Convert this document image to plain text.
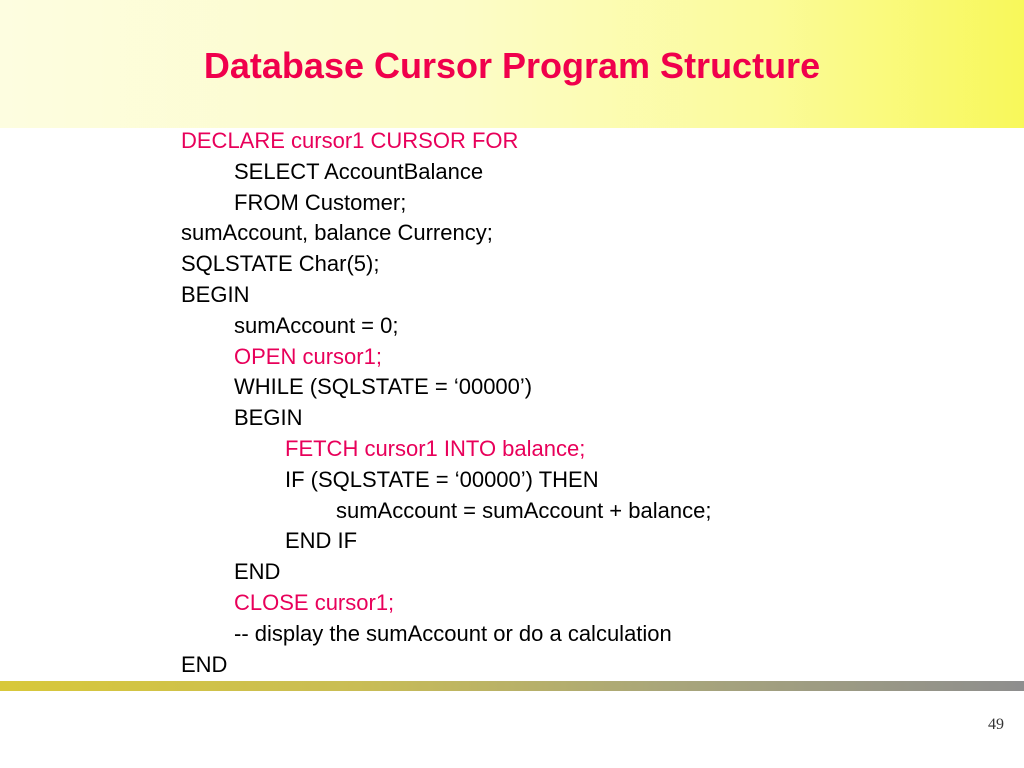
Database Cursor Program Structure
DECLARE cursor1 CURSOR FOR
SELECT AccountBalance
FROM Customer;
sumAccount, balance Currency;
SQLSTATE Char(5);
BEGIN
sumAccount = 0;
OPEN cursor1;
WHILE (SQLSTATE = ‘00000’)
BEGIN
FETCH cursor1 INTO balance;
IF (SQLSTATE = ‘00000’) THEN
sumAccount = sumAccount + balance;
END IF
END
CLOSE cursor1;
-- display the sumAccount or do a calculation
END
49
